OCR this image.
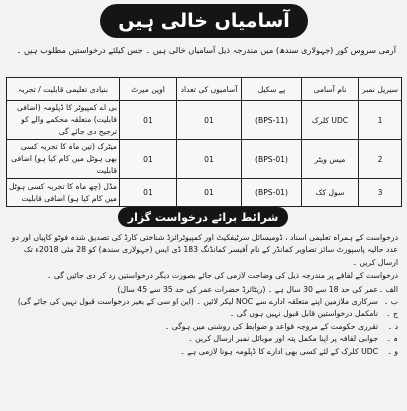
آسامیاں خالی ہیں
آرمی سروس کور (جہولاری سندھ) میں مندرجہ ذیل آسامیاں خالی ہیں ۔ جس کیلئے درخواستیں مطلوب ہیں ۔
سیریل نمبر	نام آسامی	پے سکیل	آسامیوں کی تعداد	اوپن میرٹ	بنیادی تعلیمی قابلیت / تجربہ
1	UDC کلرک	(BPS-11)	01	01	بی اے کمپیوٹر کا ڈپلومہ (اضافی قابلیت) متعلقہ محکمے والے کو ترجیح دی جائے گی
2	میس ویٹر	(BPS-01)	01	01	میٹرک (تین ماہ کا تجربہ کسی بھی ہوٹل میں کام کیا ہو) اضافی قابلیت
3	سول کک	(BPS-01)	01	01	مڈل (چھ ماہ کا تجربہ کسی ہوٹل میں کام کیا ہو) اضافی قابلیت
شرائط برائے درخواست گزار
درخواست کے ہمراہ تعلیمی اسناد ، ڈومیسائل سرٹیفکیٹ اور کمپیوٹرائزڈ شناختی کارڈ کی تصدیق شدہ فوٹو کاپیاں اور دو عدد حالیہ پاسپورٹ سائز تصاویر کمانڈر کے نام آفیسر کمانڈنگ 183 ڈی ایس (جہولاری سندھ) کو 28 مئی 2018ء تک ارسال کریں ۔
درخواست کے لفافے پر مندرجہ ذیل کی وضاحت لازمی کی جائے بصورت دیگر درخواستیں رد کر دی جائیں گی ۔
الف ۔
عمر کی حد 18 سے 30 سال ہے ۔ (ریٹائرڈ حضرات عمر کی حد 35 سے 45 سال)
ب ۔
سرکاری ملازمین اپنے متعلقہ ادارے سے NOC لیکر لائیں ۔ (این او سی کے بغیر درخواست قبول نہیں کی جائے گی)
ج ۔
نامکمل درخواستیں قابل قبول نہیں ہوں گی ۔
د ۔
تقرری حکومت کے مروجہ قواعد و ضوابط کی روشنی میں ہوگی ۔
ہ ۔
جوابی لفافہ پر اپنا مکمل پتہ اور موبائل نمبر ارسال کریں ۔
و ۔
UDC کلرک کے لئے کسی بھی ادارے کا ڈپلومہ ہونا لازمی ہے ۔
